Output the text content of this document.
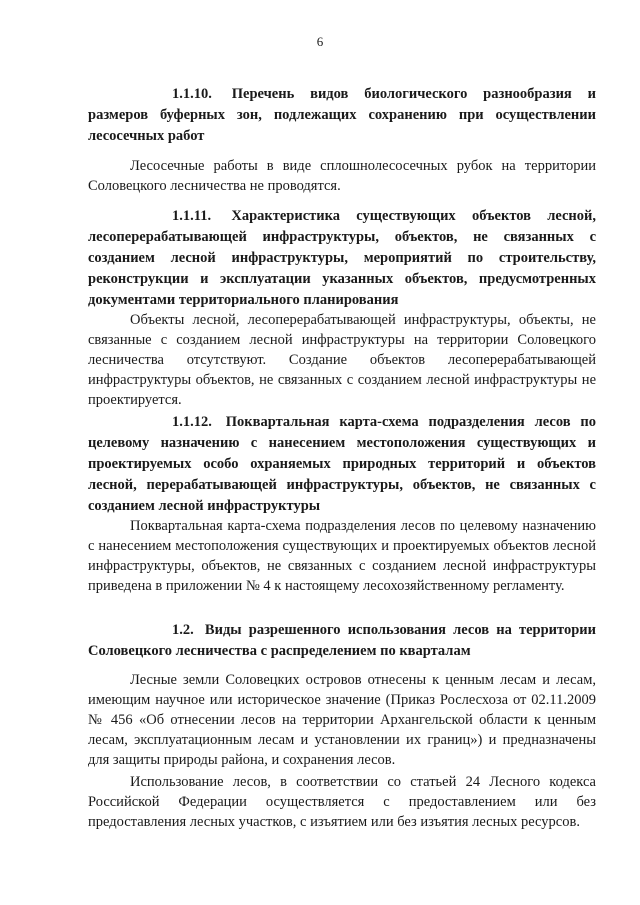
6
1.1.10. Перечень видов биологического разнообразия и размеров буферных зон, подлежащих сохранению при осуществлении лесосечных работ
Лесосечные работы в виде сплошнолесосечных рубок на территории Соловецкого лесничества не проводятся.
1.1.11. Характеристика существующих объектов лесной, лесоперерабатывающей инфраструктуры, объектов, не связанных с созданием лесной инфраструктуры, мероприятий по строительству, реконструкции и эксплуатации указанных объектов, предусмотренных документами территориального планирования
Объекты лесной, лесоперерабатывающей инфраструктуры, объекты, не связанные с созданием лесной инфраструктуры на территории Соловецкого лесничества отсутствуют. Создание объектов лесоперерабатывающей инфраструктуры объектов, не связанных с созданием лесной инфраструктуры не проектируется.
1.1.12. Поквартальная карта-схема подразделения лесов по целевому назначению с нанесением местоположения существующих и проектируемых особо охраняемых природных территорий и объектов лесной, перерабатывающей инфраструктуры, объектов, не связанных с созданием лесной инфраструктуры
Поквартальная карта-схема подразделения лесов по целевому назначению с нанесением местоположения существующих и проектируемых объектов лесной инфраструктуры, объектов, не связанных с созданием лесной инфраструктуры приведена в приложении № 4 к настоящему лесохозяйственному регламенту.
1.2. Виды разрешенного использования лесов на территории Соловецкого лесничества с распределением по кварталам
Лесные земли Соловецких островов отнесены к ценным лесам и лесам, имеющим научное или историческое значение (Приказ Рослесхоза от 02.11.2009 № 456 «Об отнесении лесов на территории Архангельской области к ценным лесам, эксплуатационным лесам и установлении их границ») и предназначены для защиты природы района, и сохранения лесов.
Использование лесов, в соответствии со статьей 24 Лесного кодекса Российской Федерации осуществляется с предоставлением или без предоставления лесных участков, с изъятием или без изъятия лесных ресурсов.
